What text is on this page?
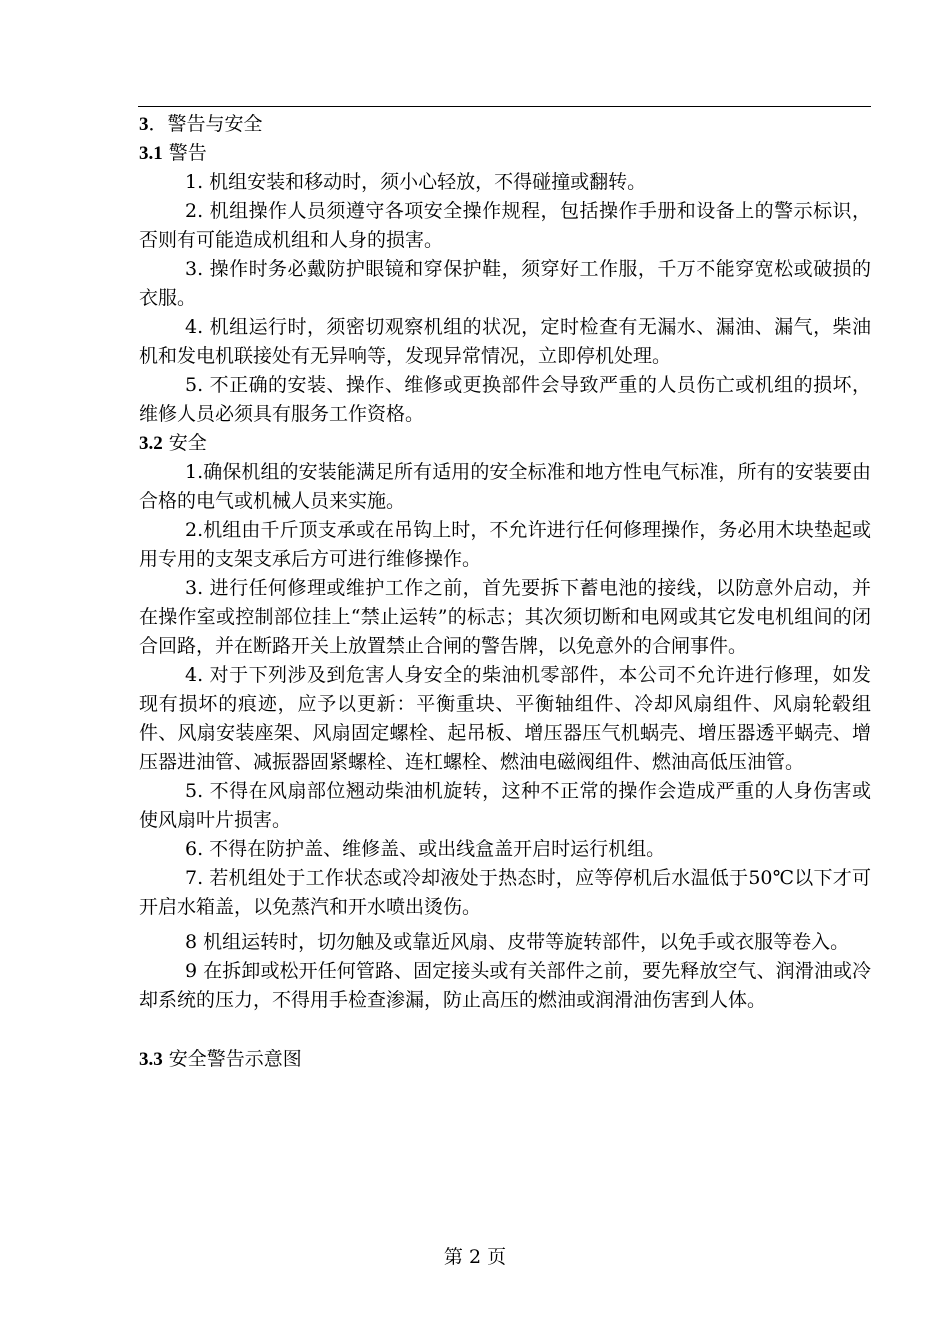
3．警告与安全
3.1 警告

1. 机组安装和移动时，须小心轻放，不得碰撞或翻转。

2. 机组操作人员须遵守各项安全操作规程，包括操作手册和设备上的警示标识，否则有可能造成机组和人身的损害。

3. 操作时务必戴防护眼镜和穿保护鞋，须穿好工作服，千万不能穿宽松或破损的衣服。

4. 机组运行时，须密切观察机组的状况，定时检查有无漏水、漏油、漏气，柴油机和发电机联接处有无异响等，发现异常情况，立即停机处理。

5. 不正确的安装、操作、维修或更换部件会导致严重的人员伤亡或机组的损坏，维修人员必须具有服务工作资格。

3.2 安全

1.确保机组的安装能满足所有适用的安全标准和地方性电气标准，所有的安装要由合格的电气或机械人员来实施。

2.机组由千斤顶支承或在吊钩上时，不允许进行任何修理操作，务必用木块垫起或用专用的支架支承后方可进行维修操作。

3. 进行任何修理或维护工作之前，首先要拆下蓄电池的接线，以防意外启动，并在操作室或控制部位挂上“禁止运转”的标志；其次须切断和电网或其它发电机组间的闭合回路，并在断路开关上放置禁止合闸的警告牌，以免意外的合闸事件。

4. 对于下列涉及到危害人身安全的柴油机零部件，本公司不允许进行修理，如发现有损坏的痕迹，应予以更新：平衡重块、平衡轴组件、冷却风扇组件、风扇轮毂组件、风扇安装座架、风扇固定螺栓、起吊板、增压器压气机蜗壳、增压器透平蜗壳、增压器进油管、减振器固紧螺栓、连杠螺栓、燃油电磁阀组件、燃油高低压油管。

5. 不得在风扇部位翘动柴油机旋转，这种不正常的操作会造成严重的人身伤害或使风扇叶片损害。

6. 不得在防护盖、维修盖、或出线盒盖开启时运行机组。

7. 若机组处于工作状态或冷却液处于热态时，应等停机后水温低于50℃以下才可开启水箱盖，以免蒸汽和开水喷出烫伤。

8 机组运转时，切勿触及或靠近风扇、皮带等旋转部件，以免手或衣服等卷入。

9 在拆卸或松开任何管路、固定接头或有关部件之前，要先释放空气、润滑油或冷却系统的压力，不得用手检查渗漏，防止高压的燃油或润滑油伤害到人体。

3.3 安全警告示意图
第 2 页
